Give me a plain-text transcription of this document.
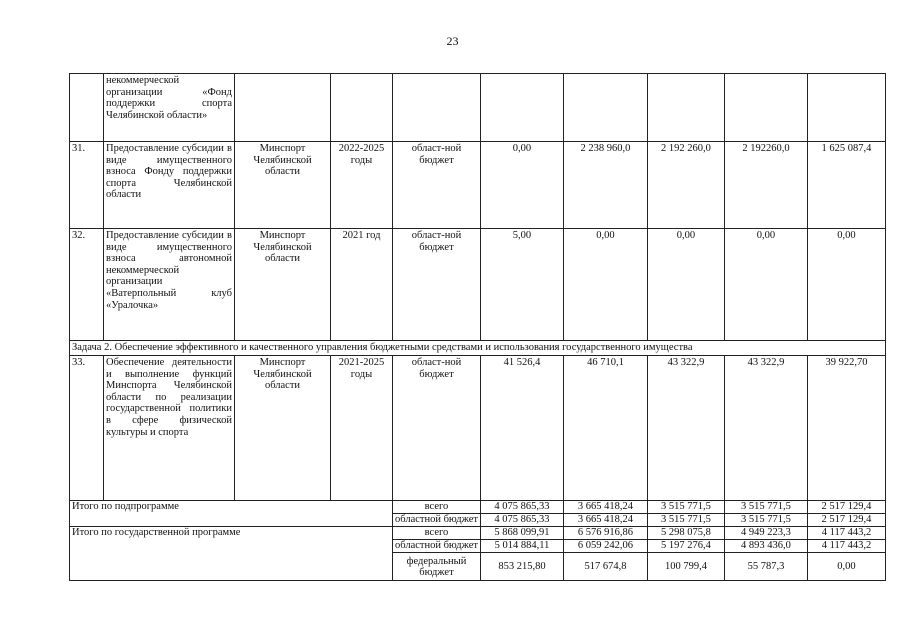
23
	некоммерческой организации «Фонд поддержки спорта Челябинской области»								
31.	Предоставление субсидии в виде имущественного взноса Фонду поддержки спорта Челябинской области	Минспорт Челябинской области	2022-2025 годы	област-ной бюджет	0,00	2 238 960,0	2 192 260,0	2 192260,0	1 625 087,4
32.	Предоставление субсидии в виде имущественного взноса автономной некоммерческой организации «Ватерпольный клуб «Уралочка»	Минспорт Челябинской области	2021 год	област-ной бюджет	5,00	0,00	0,00	0,00	0,00
Задача 2. Обеспечение эффективного и качественного управления бюджетными средствами и использования государственного имущества									
33.	Обеспечение деятельности и выполнение функций Минспорта Челябинской области по реализации государственной политики в сфере физической культуры и спорта	Минспорт Челябинской области	2021-2025 годы	област-ной бюджет	41 526,4	46 710,1	43 322,9	43 322,9	39 922,70
Итого по подпрограмме				всего	4 075 865,33	3 665 418,24	3 515 771,5	3 515 771,5	2 517 129,4
				областной бюджет	4 075 865,33	3 665 418,24	3 515 771,5	3 515 771,5	2 517 129,4
Итого по государственной программе				всего	5 868 099,91	6 576 916,86	5 298 075,8	4 949 223,3	4 117 443,2
				областной бюджет	5 014 884,11	6 059 242,06	5 197 276,4	4 893 436,0	4 117 443,2
				федеральный бюджет	853 215,80	517 674,8	100 799,4	55 787,3	0,00
